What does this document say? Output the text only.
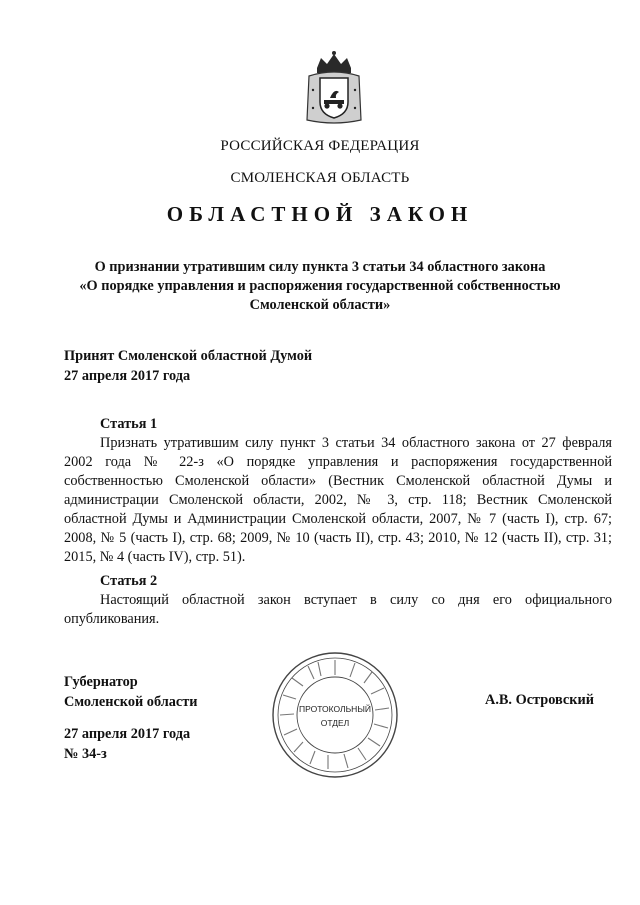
РОССИЙСКАЯ ФЕДЕРАЦИЯ
СМОЛЕНСКАЯ ОБЛАСТЬ
ОБЛАСТНОЙ ЗАКОН
О признании утратившим силу пункта 3 статьи 34 областного закона
«О порядке управления и распоряжения государственной собственностью
Смоленской области»
Принят Смоленской областной Думой
27 апреля 2017 года
Статья 1
Признать утратившим силу пункт 3 статьи 34 областного закона от 27 февраля 2002 года № 22-з «О порядке управления и распоряжения государственной собственностью Смоленской области» (Вестник Смоленской областной Думы и администрации Смоленской области, 2002, № 3, стр. 118; Вестник Смоленской областной Думы и Администрации Смоленской области, 2007, № 7 (часть I), стр. 67; 2008, № 5 (часть I), стр. 68; 2009, № 10 (часть II), стр. 43; 2010, № 12 (часть II), стр. 31; 2015, № 4 (часть IV), стр. 51).
Статья 2
Настоящий областной закон вступает в силу со дня его официального опубликования.
Губернатор
Смоленской области	А.В. Островский
27 апреля 2017 года
№ 34-з
ПРОТОКОЛЬНЫЙ
ОТДЕЛ
